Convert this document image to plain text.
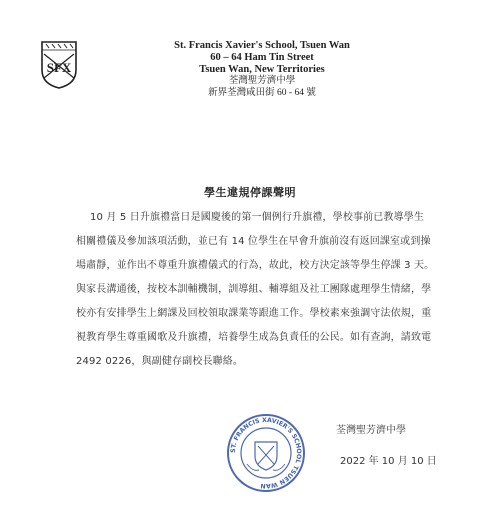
SFX
St. Francis Xavier's School, Tsuen Wan
60 – 64 Ham Tin Street
Tsuen Wan, New Territories
荃灣聖芳濟中學
新界荃灣咸田街 60 - 64 號
學生違規停課聲明
10 月 5 日升旗禮當日是國慶後的第一個例行升旗禮，學校事前已教導學生
相關禮儀及參加該項活動，並已有 14 位學生在早會升旗前沒有返回課室或到操
場肅靜，並作出不尊重升旗禮儀式的行為，故此，校方決定該等學生停課 3 天。
與家長溝通後，按校本訓輔機制，訓導組、輔導組及社工團隊處理學生情緒，學
校亦有安排學生上網課及回校領取課業等跟進工作。學校素來強調守法依規，重
視教育學生尊重國歌及升旗禮，培養學生成為負責任的公民。如有查詢，請致電
2492 0226，與副健存副校長聯絡。
ST. FRANCIS XAVIER'S SCHOOL TSUEN WAN
荃灣聖芳濟中學
2022 年 10 月 10 日
